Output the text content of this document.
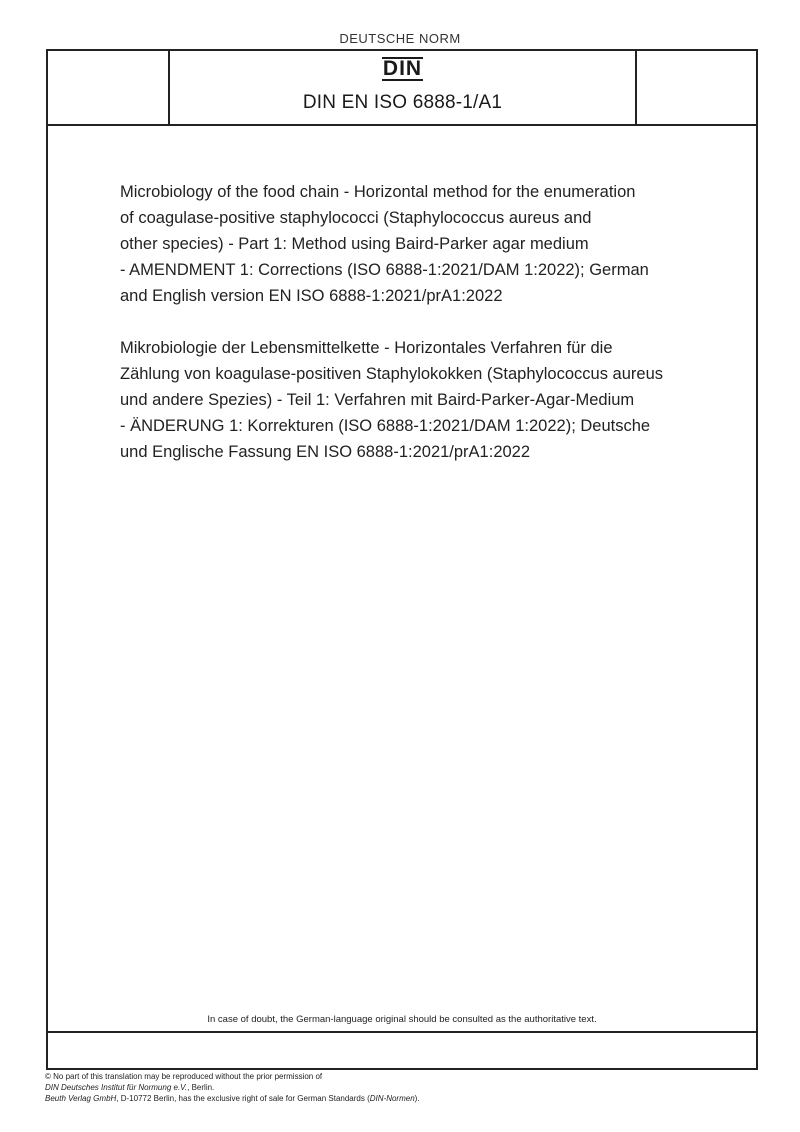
DEUTSCHE NORM
DIN
DIN EN ISO 6888-1/A1
Microbiology of the food chain - Horizontal method for the enumeration
of coagulase-positive staphylococci (Staphylococcus aureus and
other species) - Part 1: Method using Baird-Parker agar medium
- AMENDMENT 1: Corrections (ISO 6888-1:2021/DAM 1:2022); German
and English version EN ISO 6888-1:2021/prA1:2022
Mikrobiologie der Lebensmittelkette - Horizontales Verfahren für die
Zählung von koagulase-positiven Staphylokokken (Staphylococcus aureus
und andere Spezies) - Teil 1: Verfahren mit Baird-Parker-Agar-Medium
- ÄNDERUNG 1: Korrekturen (ISO 6888-1:2021/DAM 1:2022); Deutsche
und Englische Fassung EN ISO 6888-1:2021/prA1:2022
In case of doubt, the German-language original should be consulted as the authoritative text.
© No part of this translation may be reproduced without the prior permission of
DIN Deutsches Institut für Normung e.V., Berlin.
Beuth Verlag GmbH, D-10772 Berlin, has the exclusive right of sale for German Standards (DIN-Normen).
